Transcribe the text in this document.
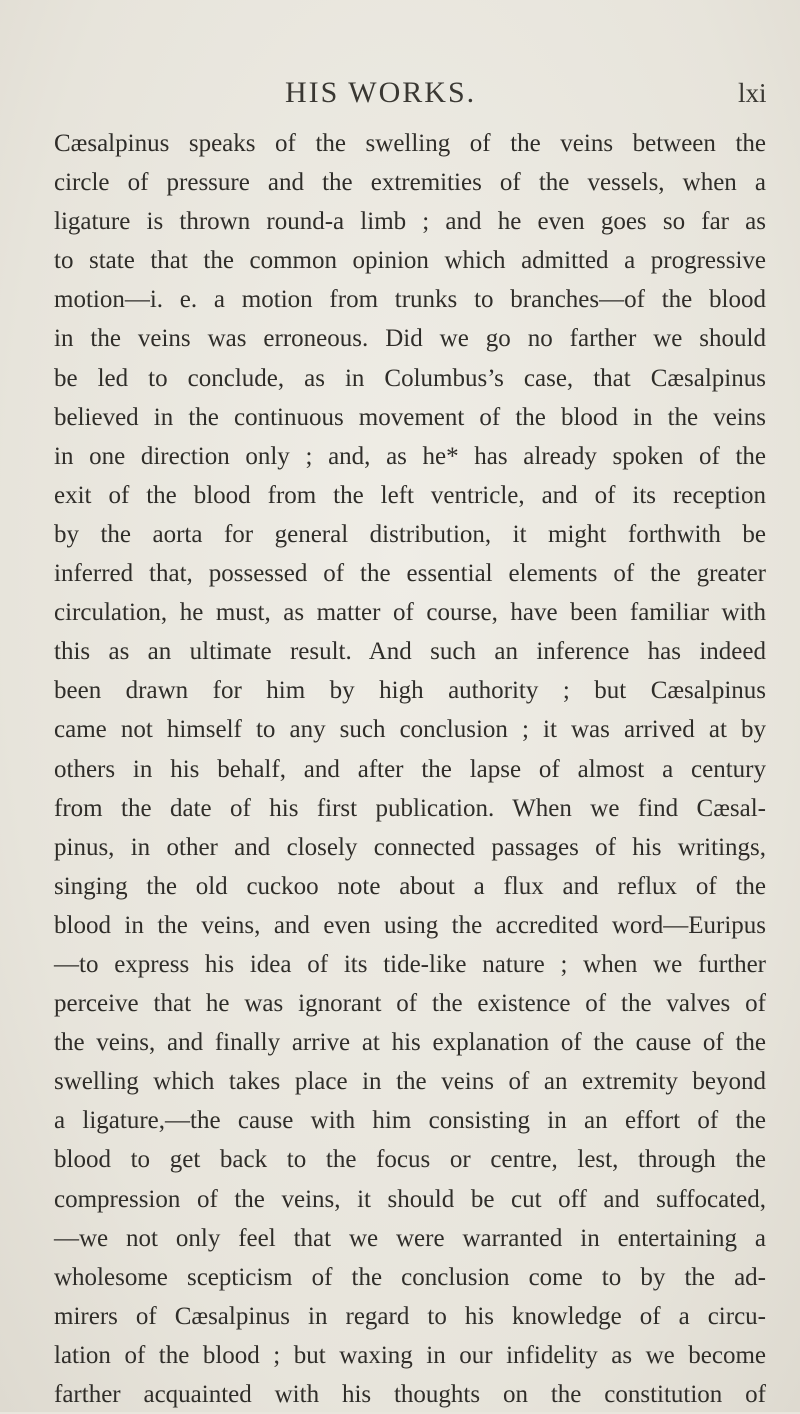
HIS WORKS.	lxi
Cæsalpinus speaks of the swelling of the veins between the
circle of pressure and the extremities of the vessels, when a
ligature is thrown round-a limb ; and he even goes so far as
to state that the common opinion which admitted a progressive
motion—i. e. a motion from trunks to branches—of the blood
in the veins was erroneous. Did we go no farther we should
be led to conclude, as in Columbus’s case, that Cæsalpinus
believed in the continuous movement of the blood in the veins
in one direction only ; and, as he* has already spoken of the
exit of the blood from the left ventricle, and of its reception
by the aorta for general distribution, it might forthwith be
inferred that, possessed of the essential elements of the greater
circulation, he must, as matter of course, have been familiar with
this as an ultimate result. And such an inference has indeed
been drawn for him by high authority ; but Cæsalpinus
came not himself to any such conclusion ; it was arrived at by
others in his behalf, and after the lapse of almost a century
from the date of his first publication. When we find Cæsal-
pinus, in other and closely connected passages of his writings,
singing the old cuckoo note about a flux and reflux of the
blood in the veins, and even using the accredited word—Euripus
—to express his idea of its tide-like nature ; when we further
perceive that he was ignorant of the existence of the valves of
the veins, and finally arrive at his explanation of the cause of the
swelling which takes place in the veins of an extremity beyond
a ligature,—the cause with him consisting in an effort of the
blood to get back to the focus or centre, lest, through the
compression of the veins, it should be cut off and suffocated,
—we not only feel that we were warranted in entertaining a
wholesome scepticism of the conclusion come to by the ad-
mirers of Cæsalpinus in regard to his knowledge of a circu-
lation of the blood ; but waxing in our infidelity as we become
farther acquainted with his thoughts on the constitution of
